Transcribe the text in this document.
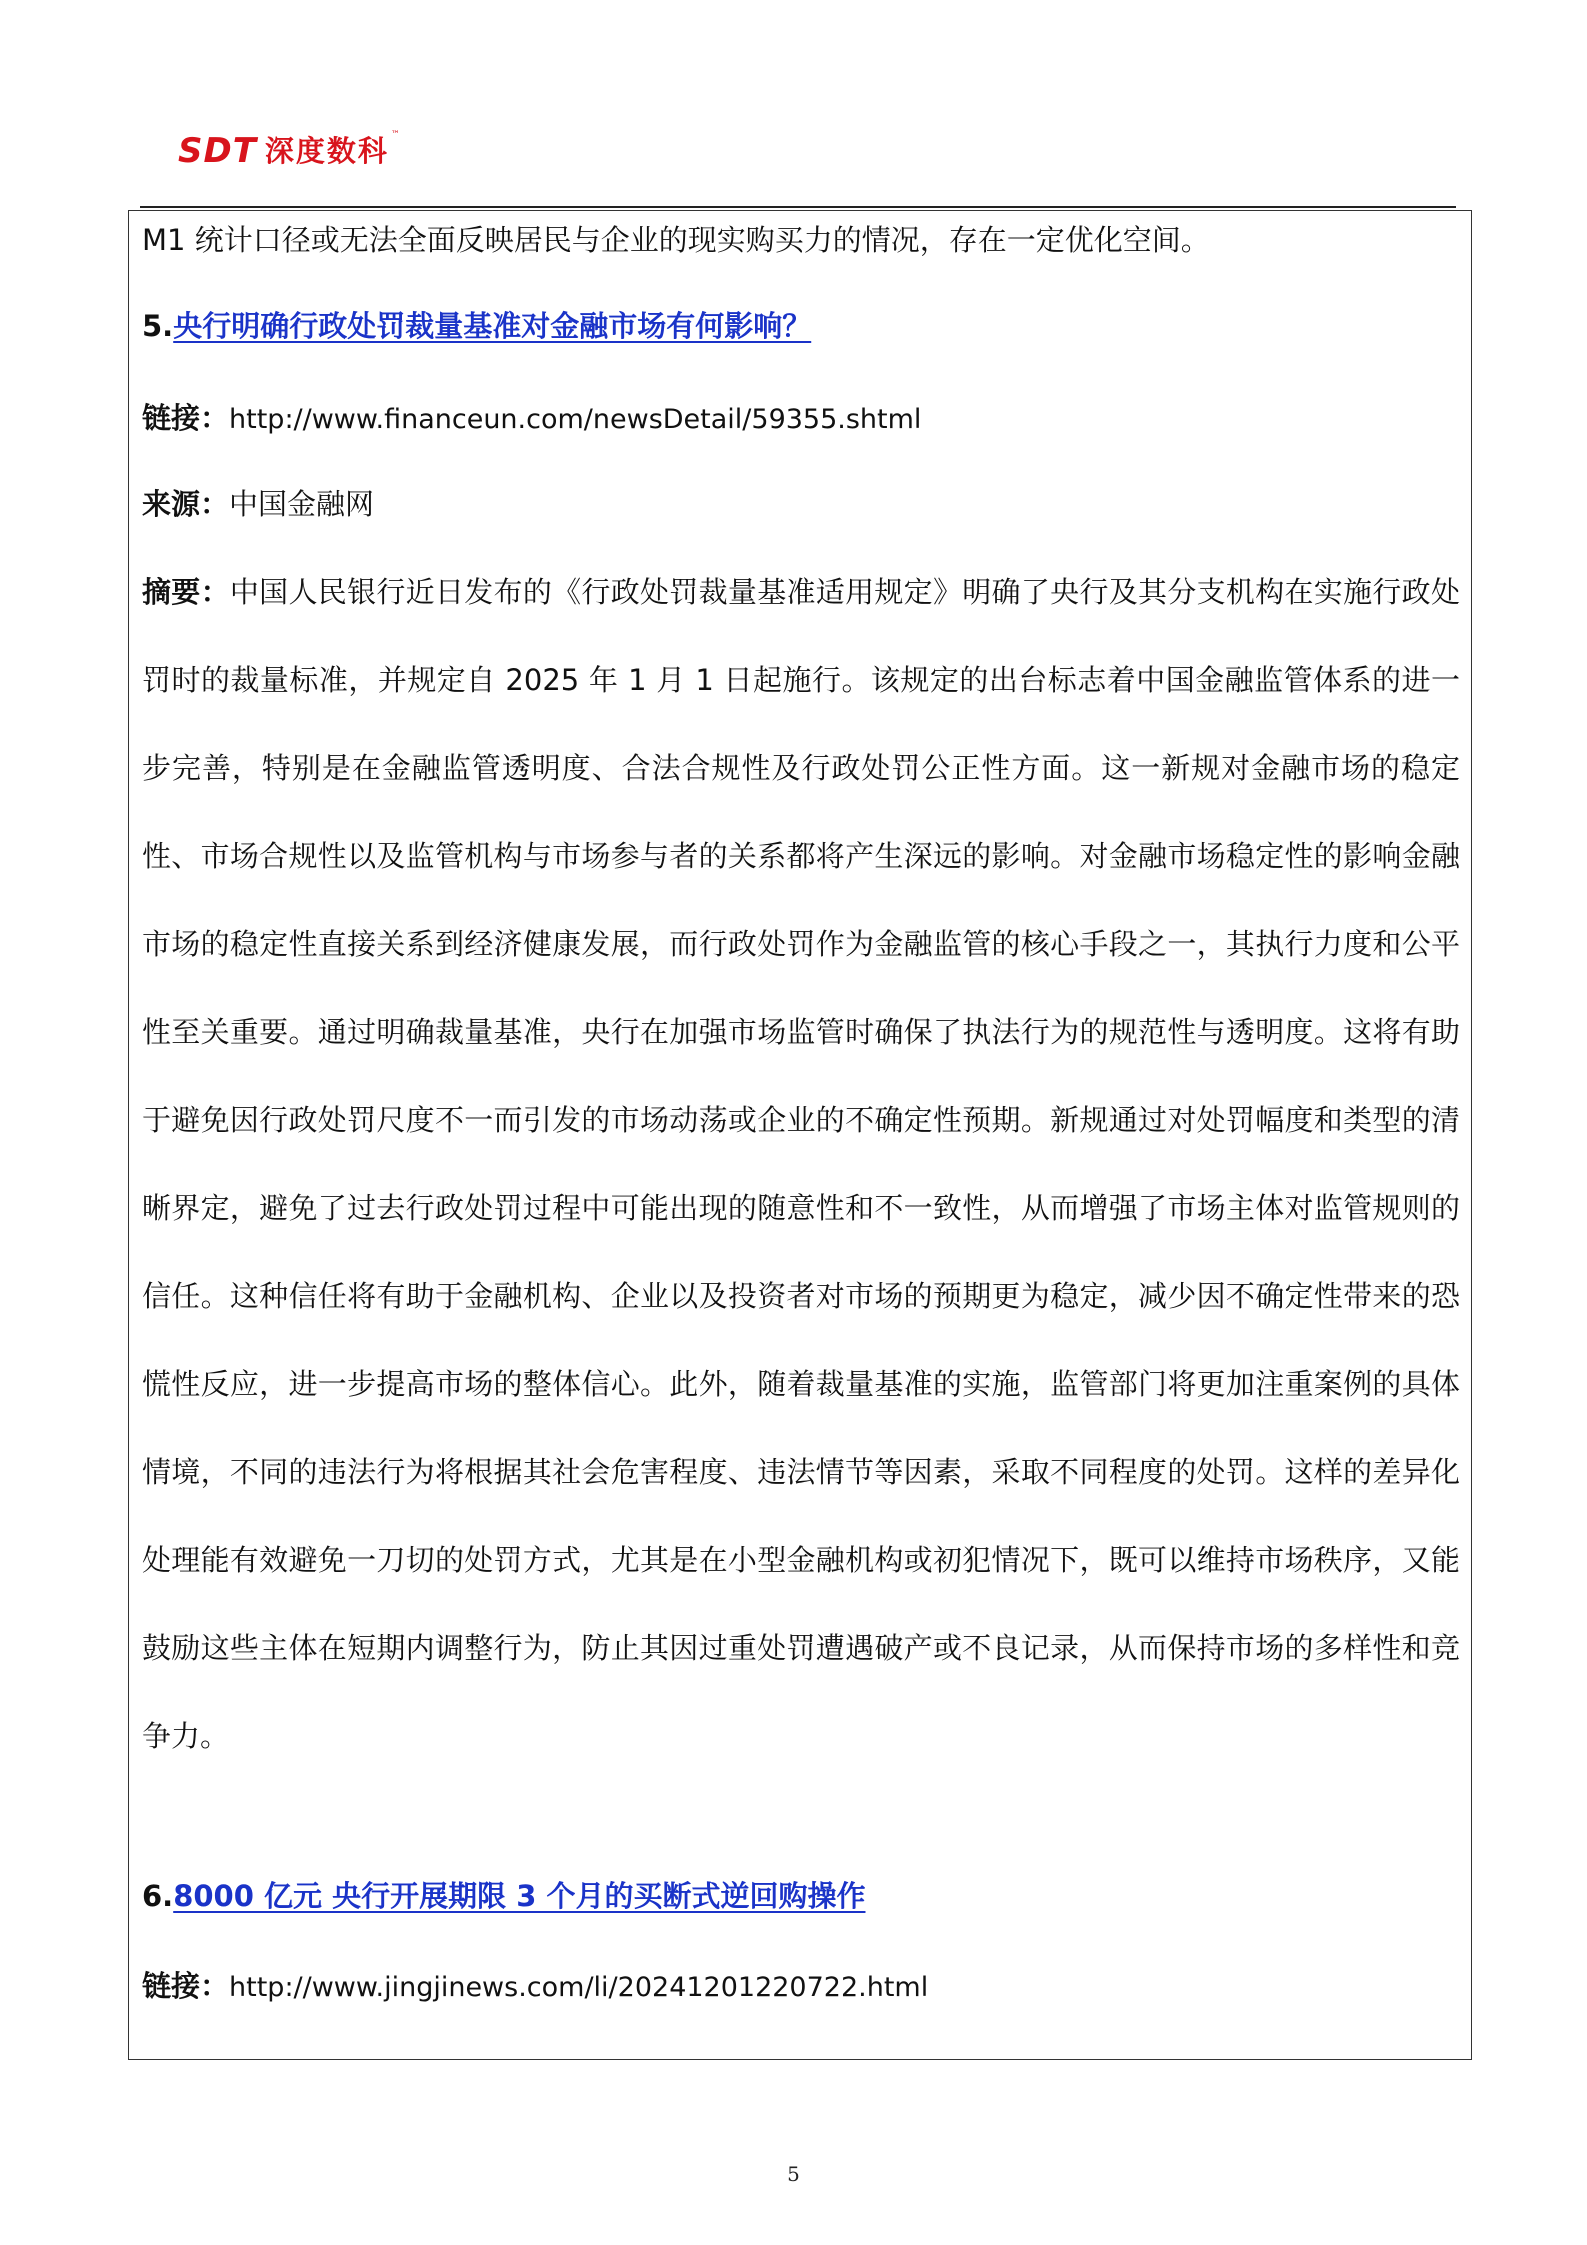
SDT 深度数科 ™

M1 统计口径或无法全面反映居民与企业的现实购买力的情况，存在一定优化空间。

5.央行明确行政处罚裁量基准对金融市场有何影响？

链接：http://www.financeun.com/newsDetail/59355.shtml

来源：中国金融网

摘要：中国人民银行近日发布的《行政处罚裁量基准适用规定》明确了央行及其分支机构在实施行政处罚时的裁量标准，并规定自 2025 年 1 月 1 日起施行。该规定的出台标志着中国金融监管体系的进一步完善，特别是在金融监管透明度、合法合规性及行政处罚公正性方面。这一新规对金融市场的稳定性、市场合规性以及监管机构与市场参与者的关系都将产生深远的影响。对金融市场稳定性的影响金融市场的稳定性直接关系到经济健康发展，而行政处罚作为金融监管的核心手段之一，其执行力度和公平性至关重要。通过明确裁量基准，央行在加强市场监管时确保了执法行为的规范性与透明度。这将有助于避免因行政处罚尺度不一而引发的市场动荡或企业的不确定性预期。新规通过对处罚幅度和类型的清晰界定，避免了过去行政处罚过程中可能出现的随意性和不一致性，从而增强了市场主体对监管规则的信任。这种信任将有助于金融机构、企业以及投资者对市场的预期更为稳定，减少因不确定性带来的恐慌性反应，进一步提高市场的整体信心。此外，随着裁量基准的实施，监管部门将更加注重案例的具体情境，不同的违法行为将根据其社会危害程度、违法情节等因素，采取不同程度的处罚。这样的差异化处理能有效避免一刀切的处罚方式，尤其是在小型金融机构或初犯情况下，既可以维持市场秩序，又能鼓励这些主体在短期内调整行为，防止其因过重处罚遭遇破产或不良记录，从而保持市场的多样性和竞争力。

6.8000 亿元 央行开展期限 3 个月的买断式逆回购操作

链接：http://www.jingjinews.com/li/20241201220722.html

5
